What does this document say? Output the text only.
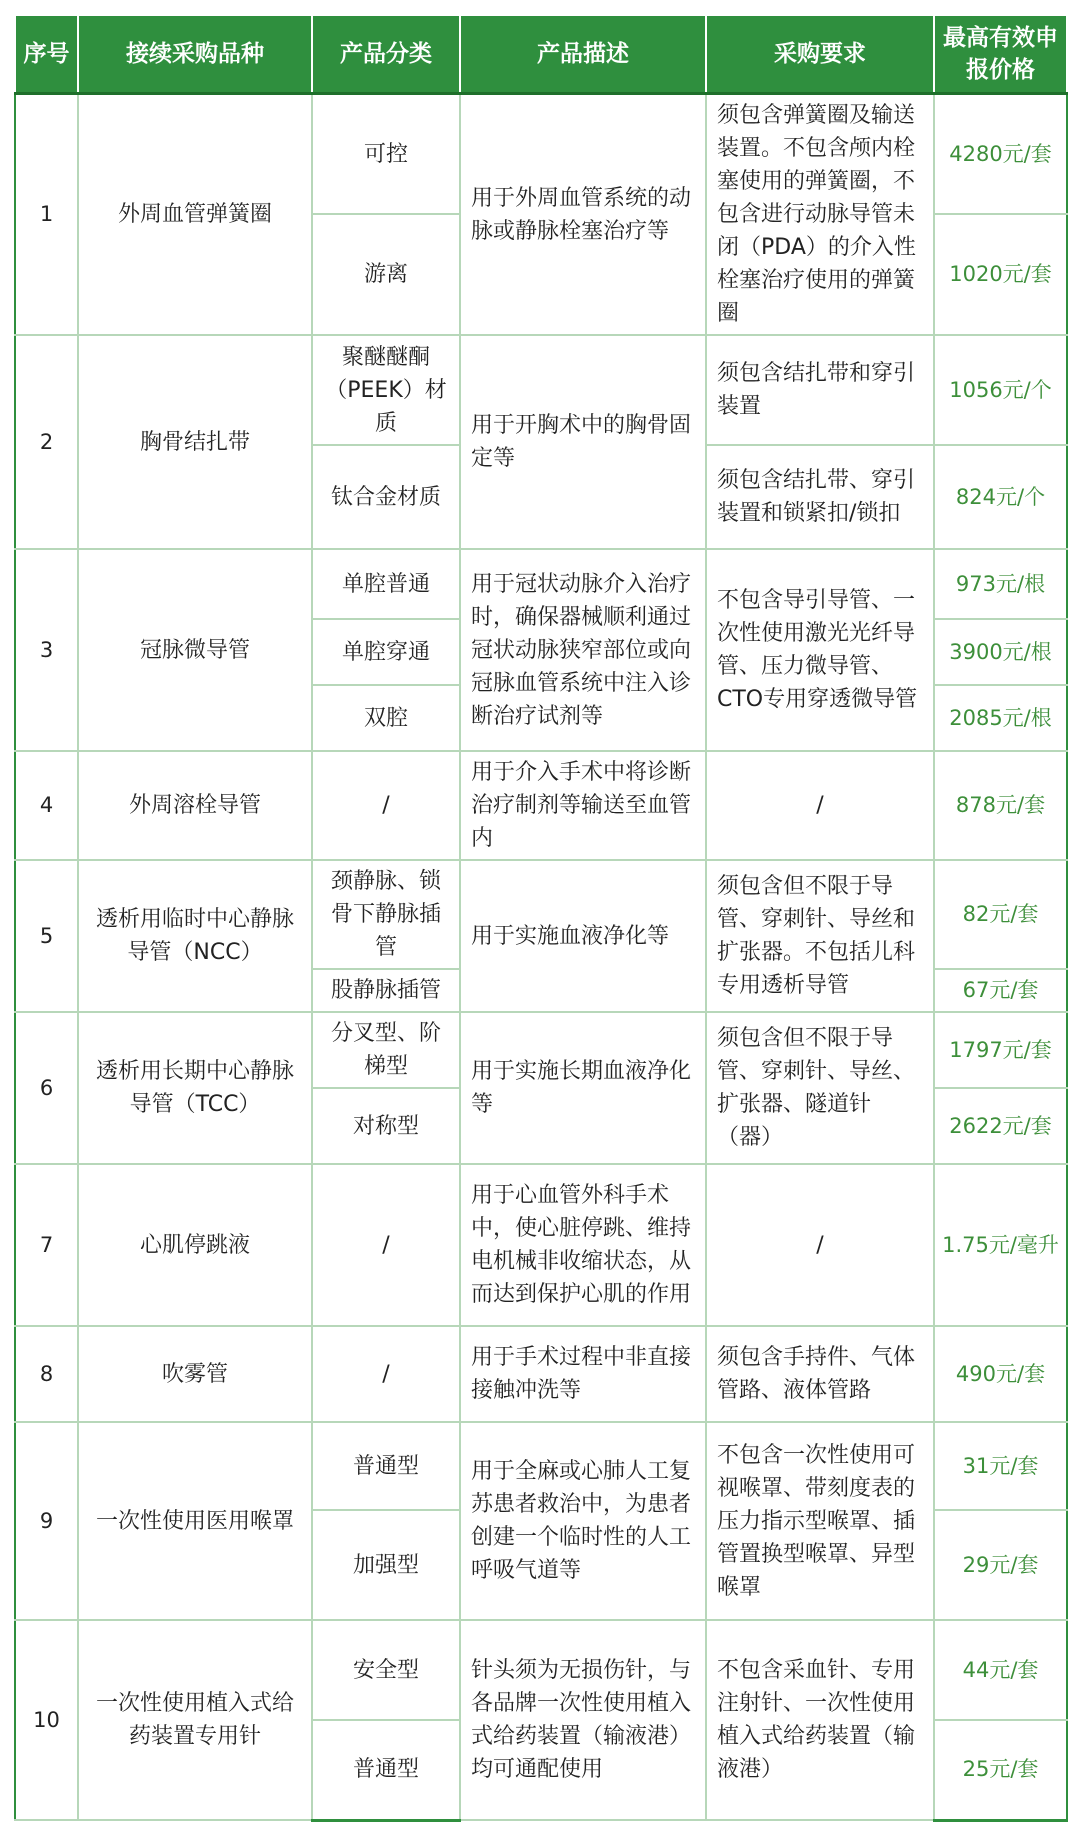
序号	接续采购品种	产品分类	产品描述	采购要求	最高有效申报价格
1	外周血管弹簧圈	可控	用于外周血管系统的动脉或静脉栓塞治疗等	须包含弹簧圈及输送装置。不包含颅内栓塞使用的弹簧圈，不包含进行动脉导管未闭（PDA）的介入性栓塞治疗使用的弹簧圈	4280元/套
		游离			1020元/套
2	胸骨结扎带	聚醚醚酮（PEEK）材质	用于开胸术中的胸骨固定等	须包含结扎带和穿引装置	1056元/个
		钛合金材质		须包含结扎带、穿引装置和锁紧扣/锁扣	824元/个
3	冠脉微导管	单腔普通	用于冠状动脉介入治疗时，确保器械顺利通过冠状动脉狭窄部位或向冠脉血管系统中注入诊断治疗试剂等	不包含导引导管、一次性使用激光光纤导管、压力微导管、CTO专用穿透微导管	973元/根
		单腔穿通			3900元/根
		双腔			2085元/根
4	外周溶栓导管	/	用于介入手术中将诊断治疗制剂等输送至血管内	/	878元/套
5	透析用临时中心静脉导管（NCC）	颈静脉、锁骨下静脉插管	用于实施血液净化等	须包含但不限于导管、穿刺针、导丝和扩张器。不包括儿科专用透析导管	82元/套
		股静脉插管			67元/套
6	透析用长期中心静脉导管（TCC）	分叉型、阶梯型	用于实施长期血液净化等	须包含但不限于导管、穿刺针、导丝、扩张器、隧道针（器）	1797元/套
		对称型			2622元/套
7	心肌停跳液	/	用于心血管外科手术中，使心脏停跳、维持电机械非收缩状态，从而达到保护心肌的作用	/	1.75元/毫升
8	吹雾管	/	用于手术过程中非直接接触冲洗等	须包含手持件、气体管路、液体管路	490元/套
9	一次性使用医用喉罩	普通型	用于全麻或心肺人工复苏患者救治中，为患者创建一个临时性的人工呼吸气道等	不包含一次性使用可视喉罩、带刻度表的压力指示型喉罩、插管置换型喉罩、异型喉罩	31元/套
		加强型			29元/套
10	一次性使用植入式给药装置专用针	安全型	针头须为无损伤针，与各品牌一次性使用植入式给药装置（输液港）均可通配使用	不包含采血针、专用注射针、一次性使用植入式给药装置（输液港）	44元/套
		普通型			25元/套
